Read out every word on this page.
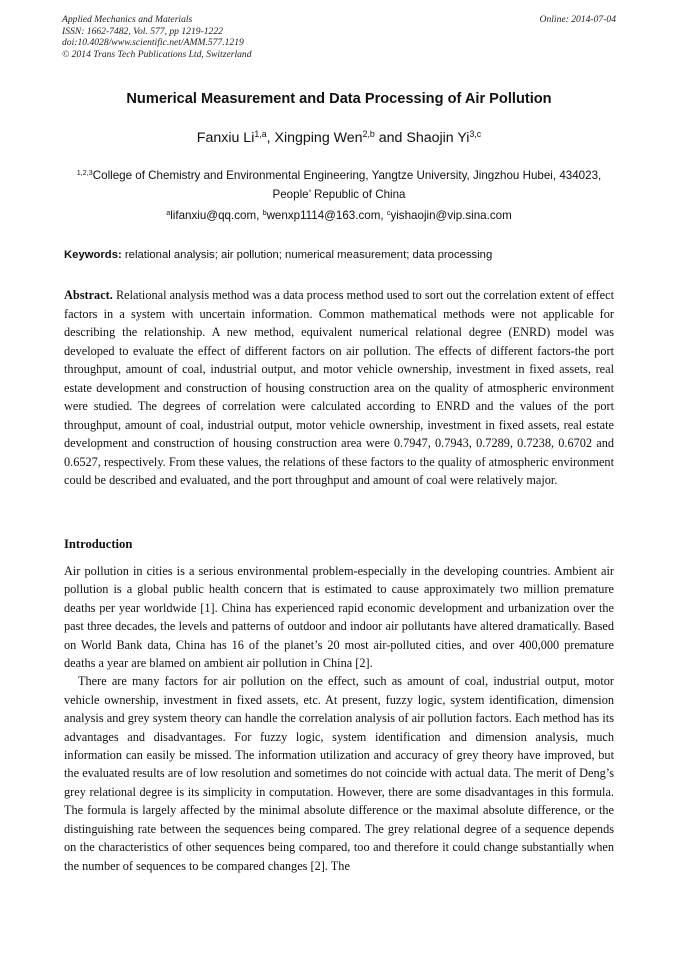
Applied Mechanics and Materials
ISSN: 1662-7482, Vol. 577, pp 1219-1222
doi:10.4028/www.scientific.net/AMM.577.1219
© 2014 Trans Tech Publications Ltd, Switzerland
Online: 2014-07-04
Numerical Measurement and Data Processing of Air Pollution
Fanxiu Li$^{1,a}$, Xingping Wen$^{2,b}$ and Shaojin Yi$^{3,c}$
$^{1,2,3}$College of Chemistry and Environmental Engineering, Yangtze University, Jingzhou Hubei, 434023, People’ Republic of China
$^a$lifanxiu@qq.com, $^b$wenxp1114@163.com, $^c$yishaojin@vip.sina.com
Keywords: relational analysis; air pollution; numerical measurement; data processing

Abstract. Relational analysis method was a data process method used to sort out the correlation extent of effect factors in a system with uncertain information. Common mathematical methods were not applicable for describing the relationship. A new method, equivalent numerical relational degree (ENRD) model was developed to evaluate the effect of different factors on air pollution. The effects of different factors-the port throughput, amount of coal, industrial output, and motor vehicle ownership, investment in fixed assets, real estate development and construction of housing construction area on the quality of atmospheric environment were studied. The degrees of correlation were calculated according to ENRD and the values of the port throughput, amount of coal, industrial output, motor vehicle ownership, investment in fixed assets, real estate development and construction of housing construction area were 0.7947, 0.7943, 0.7289, 0.7238, 0.6702 and 0.6527, respectively. From these values, the relations of these factors to the quality of atmospheric environment could be described and evaluated, and the port throughput and amount of coal were relatively major.

Introduction

Air pollution in cities is a serious environmental problem-especially in the developing countries. Ambient air pollution is a global public health concern that is estimated to cause approximately two million premature deaths per year worldwide [1]. China has experienced rapid economic development and urbanization over the past three decades, the levels and patterns of outdoor and indoor air pollutants have altered dramatically. Based on World Bank data, China has 16 of the planet’s 20 most air-polluted cities, and over 400,000 premature deaths a year are blamed on ambient air pollution in China [2].

There are many factors for air pollution on the effect, such as amount of coal, industrial output, motor vehicle ownership, investment in fixed assets, etc. At present, fuzzy logic, system identification, dimension analysis and grey system theory can handle the correlation analysis of air pollution factors. Each method has its advantages and disadvantages. For fuzzy logic, system identification and dimension analysis, much information can easily be missed. The information utilization and accuracy of grey theory have improved, but the evaluated results are of low resolution and sometimes do not coincide with actual data. The merit of Deng’s grey relational degree is its simplicity in computation. However, there are some disadvantages in this formula. The formula is largely affected by the minimal absolute difference or the maximal absolute difference, or the distinguishing rate between the sequences being compared. The grey relational degree of a sequence depends on the characteristics of other sequences being compared, too and therefore it could change substantially when the number of sequences to be compared changes [2]. The
